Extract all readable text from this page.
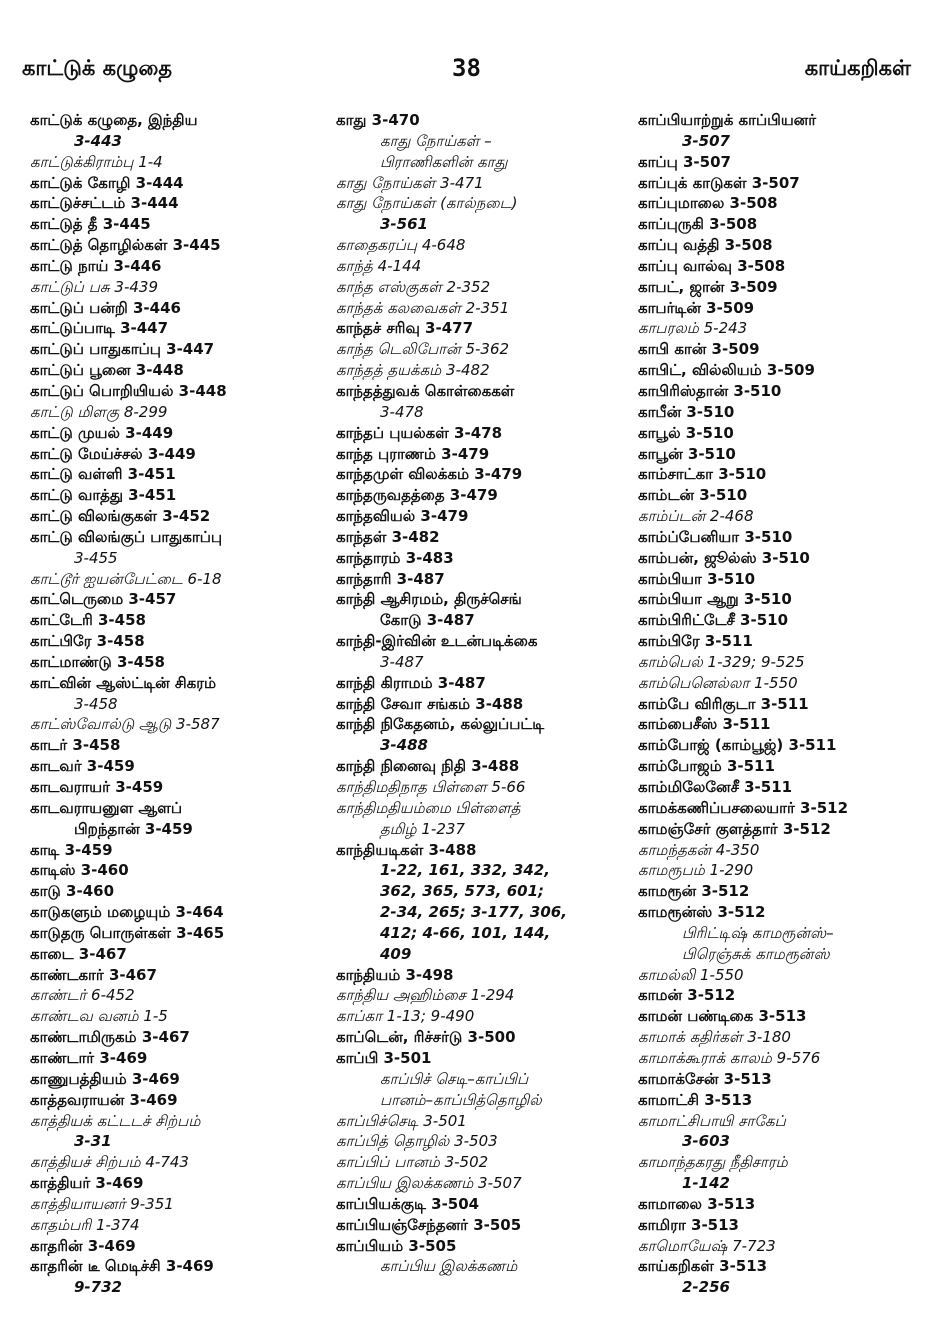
காட்டுக் கழுதை	38	காய்கறிகள்
காட்டுக் கழுதை, இந்திய
3-443
காட்டுக்கிராம்பு 1-4
காட்டுக் கோழி 3-444
காட்டுச்சட்டம் 3-444
காட்டுத் தீ 3-445
காட்டுத் தொழில்கள் 3-445
காட்டு நாய் 3-446
காட்டுப் பசு 3-439
காட்டுப் பன்றி 3-446
காட்டுப்பாடி 3-447
காட்டுப் பாதுகாப்பு 3-447
காட்டுப் பூனை 3-448
காட்டுப் பொறியியல் 3-448
காட்டு மிளகு 8-299
காட்டு முயல் 3-449
காட்டு மேய்ச்சல் 3-449
காட்டு வள்ளி 3-451
காட்டு வாத்து 3-451
காட்டு விலங்குகள் 3-452
காட்டு விலங்குப் பாதுகாப்பு
3-455
காட்டூர் ஐயன்பேட்டை 6-18
காட்டெருமை 3-457
காட்டேரி 3-458
காட்பிரே 3-458
காட்மாண்டு 3-458
காட்வின் ஆஸ்ட்டின் சிகரம்
3-458
காட்ஸ்வோல்டு ஆடு 3-587
காடர் 3-458
காடவர் 3-459
காடவராயர் 3-459
காடவராயனுள ஆளப்
பிறந்தான் 3-459
காடி 3-459
காடிஸ் 3-460
காடு 3-460
காடுகளும் மழையும் 3-464
காடுதரு பொருள்கள் 3-465
காடை 3-467
காண்டகார் 3-467
காண்டர் 6-452
காண்டவ வனம் 1-5
காண்டாமிருகம் 3-467
காண்டார் 3-469
காணுபத்தியம் 3-469
காத்தவராயன் 3-469
காத்தியக் கட்டடச் சிற்பம்
3-31
காத்தியச் சிற்பம் 4-743
காத்தியர் 3-469
காத்தியாயனர் 9-351
காதம்பரி 1-374
காதரின் 3-469
காதரின் டீ மெடிச்சி 3-469
9-732
காது 3-470
காது நோய்கள் –
பிராணிகளின் காது
காது நோய்கள் 3-471
காது நோய்கள் (கால்நடை)
3-561
காதைகரப்பு 4-648
காந்த் 4-144
காந்த எஸ்குகள் 2-352
காந்தக் கலவைகள் 2-351
காந்தச் சரிவு 3-477
காந்த டெலிபோன் 5-362
காந்தத் தயக்கம் 3-482
காந்தத்துவக் கொள்கைகள்
3-478
காந்தப் புயல்கள் 3-478
காந்த புராணம் 3-479
காந்தமுள் விலக்கம் 3-479
காந்தருவதத்தை 3-479
காந்தவியல் 3-479
காந்தள் 3-482
காந்தாரம் 3-483
காந்தாரி 3-487
காந்தி ஆசிரமம், திருச்செங்
கோடு 3-487
காந்தி-இர்வின் உடன்படிக்கை
3-487
காந்தி கிராமம் 3-487
காந்தி சேவா சங்கம் 3-488
காந்தி நிகேதனம், கல்லுப்பட்டி
3-488
காந்தி நினைவு நிதி 3-488
காந்திமதிநாத பிள்ளை 5-66
காந்திமதியம்மை பிள்ளைத்
தமிழ் 1-237
காந்தியடிகள் 3-488
1-22, 161, 332, 342,
362, 365, 573, 601;
2-34, 265; 3-177, 306,
412; 4-66, 101, 144,
409
காந்தியம் 3-498
காந்திய அஹிம்சை 1-294
காப்கா 1-13; 9-490
காப்டென், ரிச்சர்டு 3-500
காப்பி 3-501
காப்பிச் செடி–காப்பிப்
பானம்–காப்பித்தொழில்
காப்பிச்செடி 3-501
காப்பித் தொழில் 3-503
காப்பிப் பானம் 3-502
காப்பிய இலக்கணம் 3-507
காப்பியக்குடி 3-504
காப்பியஞ்சேந்தனர் 3-505
காப்பியம் 3-505
காப்பிய இலக்கணம்
காப்பியாற்றுக் காப்பியனர்
3-507
காப்பு 3-507
காப்புக் காடுகள் 3-507
காப்புமாலை 3-508
காப்புருகி 3-508
காப்பு வத்தி 3-508
காப்பு வால்வு 3-508
காபட், ஜான் 3-509
காபர்டின் 3-509
காபரலம் 5-243
காபி கான் 3-509
காபிட், வில்லியம் 3-509
காபிரிஸ்தான் 3-510
காபீன் 3-510
காபூல் 3-510
காபூன் 3-510
காம்சாட்கா 3-510
காம்டன் 3-510
காம்ப்டன் 2-468
காம்ப்பேனியா 3-510
காம்பன், ஜூல்ஸ் 3-510
காம்பியா 3-510
காம்பியா ஆறு 3-510
காம்பிரிட்டேசீ 3-510
காம்பிரே 3-511
காம்பெல் 1-329; 9-525
காம்பெனெல்லா 1-550
காம்பே விரிகுடா 3-511
காம்பைசீஸ் 3-511
காம்போஜ் (காம்பூஜ்) 3-511
காம்போஜம் 3-511
காம்மிலேனேசீ 3-511
காமக்கணிப்பசலையார் 3-512
காமஞ்சேர் குளத்தார் 3-512
காமந்தகன் 4-350
காமரூபம் 1-290
காமரூன் 3-512
காமரூன்ஸ் 3-512
பிரிட்டிஷ் காமரூன்ஸ்–
பிரெஞ்சுக் காமரூன்ஸ்
காமல்லி 1-550
காமன் 3-512
காமன் பண்டிகை 3-513
காமாக் கதிர்கள் 3-180
காமாக்கூராக் காலம் 9-576
காமாக்சேன் 3-513
காமாட்சி 3-513
காமாட்சிபாயி சாகேப்
3-603
காமாந்தகரது நீதிசாரம்
1-142
காமாலை 3-513
காமிரா 3-513
காமொயேஷ் 7-723
காய்கறிகள் 3-513
2-256
